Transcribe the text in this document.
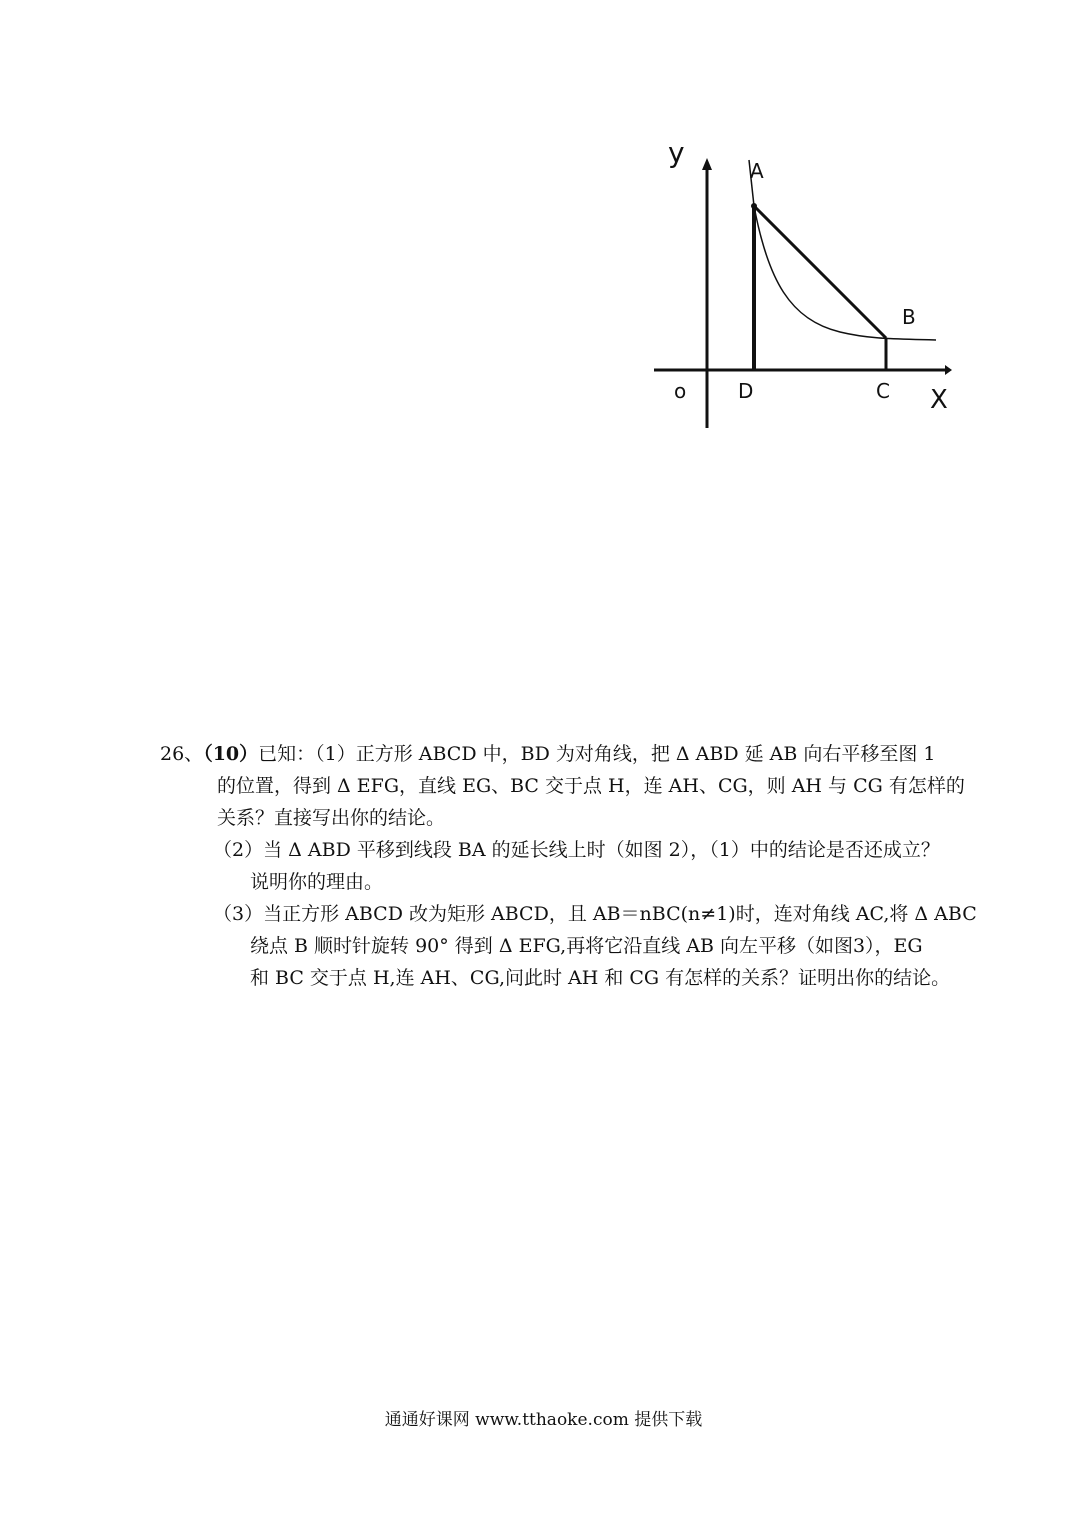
y
X
o
A
B
C
D
26、（10）已知：（1）正方形 ABCD 中，BD 为对角线，把 Δ ABD 延 AB 向右平移至图 1
的位置，得到 Δ EFG，直线 EG、BC 交于点 H，连 AH、CG，则 AH 与 CG 有怎样的
关系？直接写出你的结论。
（2）当 Δ ABD 平移到线段 BA 的延长线上时（如图 2），（1）中的结论是否还成立？
说明你的理由。
（3）当正方形 ABCD 改为矩形 ABCD，且 AB＝nBC(n≠1)时，连对角线 AC,将 Δ ABC
绕点 B 顺时针旋转 90° 得到 Δ EFG,再将它沿直线 AB 向左平移（如图3），EG
和 BC 交于点 H,连 AH、CG,问此时 AH 和 CG 有怎样的关系？证明出你的结论。
通通好课网 www.tthaoke.com 提供下载
